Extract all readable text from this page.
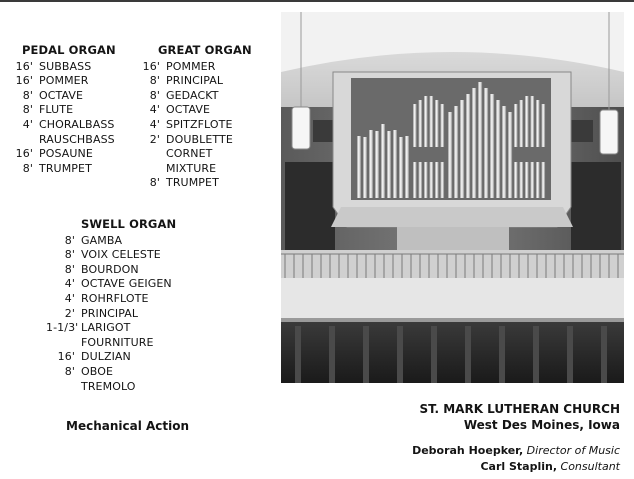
PEDAL ORGAN
16' SUBBASS
16' POMMER
8' OCTAVE
8' FLUTE
4' CHORALBASS
RAUSCHBASS
16' POSAUNE
8' TRUMPET
GREAT ORGAN
16' POMMER
8' PRINCIPAL
8' GEDACKT
4' OCTAVE
4' SPITZFLOTE
2' DOUBLETTE
CORNET
MIXTURE
8' TRUMPET
SWELL ORGAN
8' GAMBA
8' VOIX CELESTE
8' BOURDON
4' OCTAVE GEIGEN
4' ROHRFLOTE
2' PRINCIPAL
1-1/3' LARIGOT
FOURNITURE
16' DULZIAN
8' OBOE
TREMOLO
Mechanical Action
ST. MARK LUTHERAN CHURCH
West Des Moines, Iowa
Deborah Hoepker, Director of Music
Carl Staplin, Consultant
